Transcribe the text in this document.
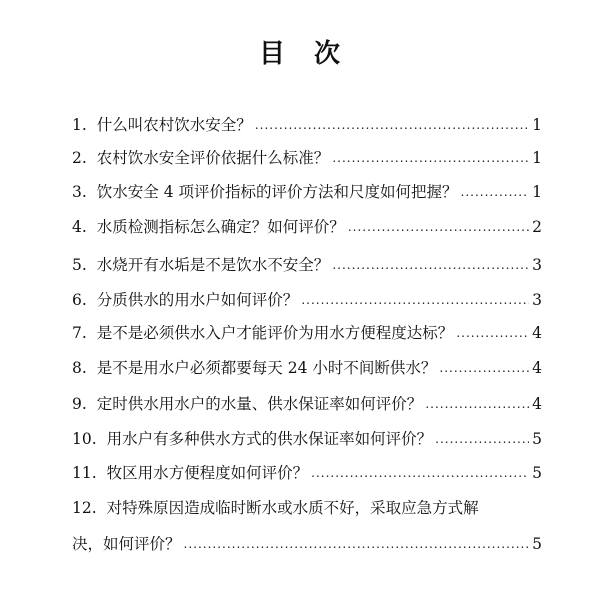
目 次
1. 什么叫农村饮水安全？ .....	1
2. 农村饮水安全评价依据什么标准？ .....	1
3. 饮水安全 4 项评价指标的评价方法和尺度如何把握？ .....	1
4. 水质检测指标怎么确定？如何评价？ .....	2
5. 水烧开有水垢是不是饮水不安全？ .....	3
6. 分质供水的用水户如何评价？ .....	3
7. 是不是必须供水入户才能评价为用水方便程度达标？ .....	4
8. 是不是用水户必须都要每天 24 小时不间断供水？ .....	4
9. 定时供水用水户的水量、供水保证率如何评价？ .....	4
10. 用水户有多种供水方式的供水保证率如何评价？ .....	5
11. 牧区用水方便程度如何评价？ .....	5
12. 对特殊原因造成临时断水或水质不好，采取应急方式解
决，如何评价？ .....	5
